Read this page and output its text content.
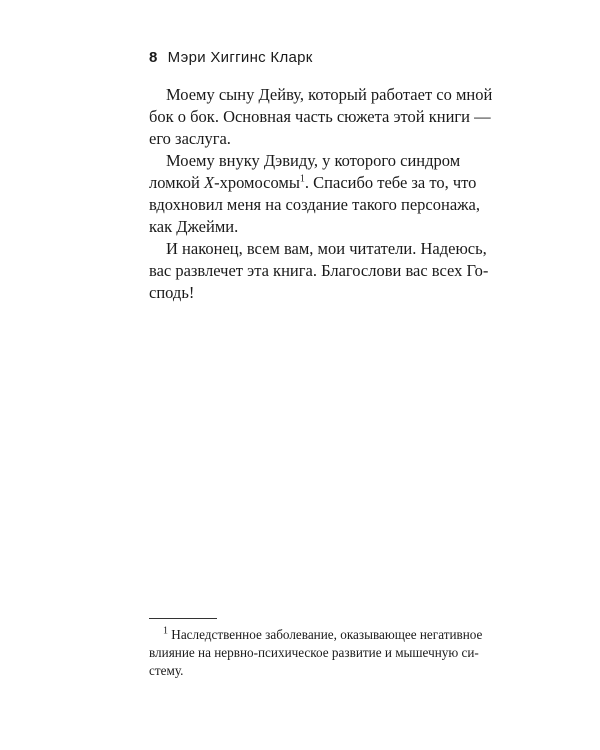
8 Мэри Хиггинс Кларк
Моему сыну Дейву, который работает со мной
бок о бок. Основная часть сюжета этой книги —
его заслуга.
Моему внуку Дэвиду, у которого синдром
ломкой X-хромосомы$^1$. Спасибо тебе за то, что
вдохновил меня на создание такого персонажа,
как Джейми.
И наконец, всем вам, мои читатели. Надеюсь,
вас развлечет эта книга. Благослови вас всех Го-
сподь!
$^1$ Наследственное заболевание, оказывающее негативное
влияние на нервно-психическое развитие и мышечную си-
стему.
